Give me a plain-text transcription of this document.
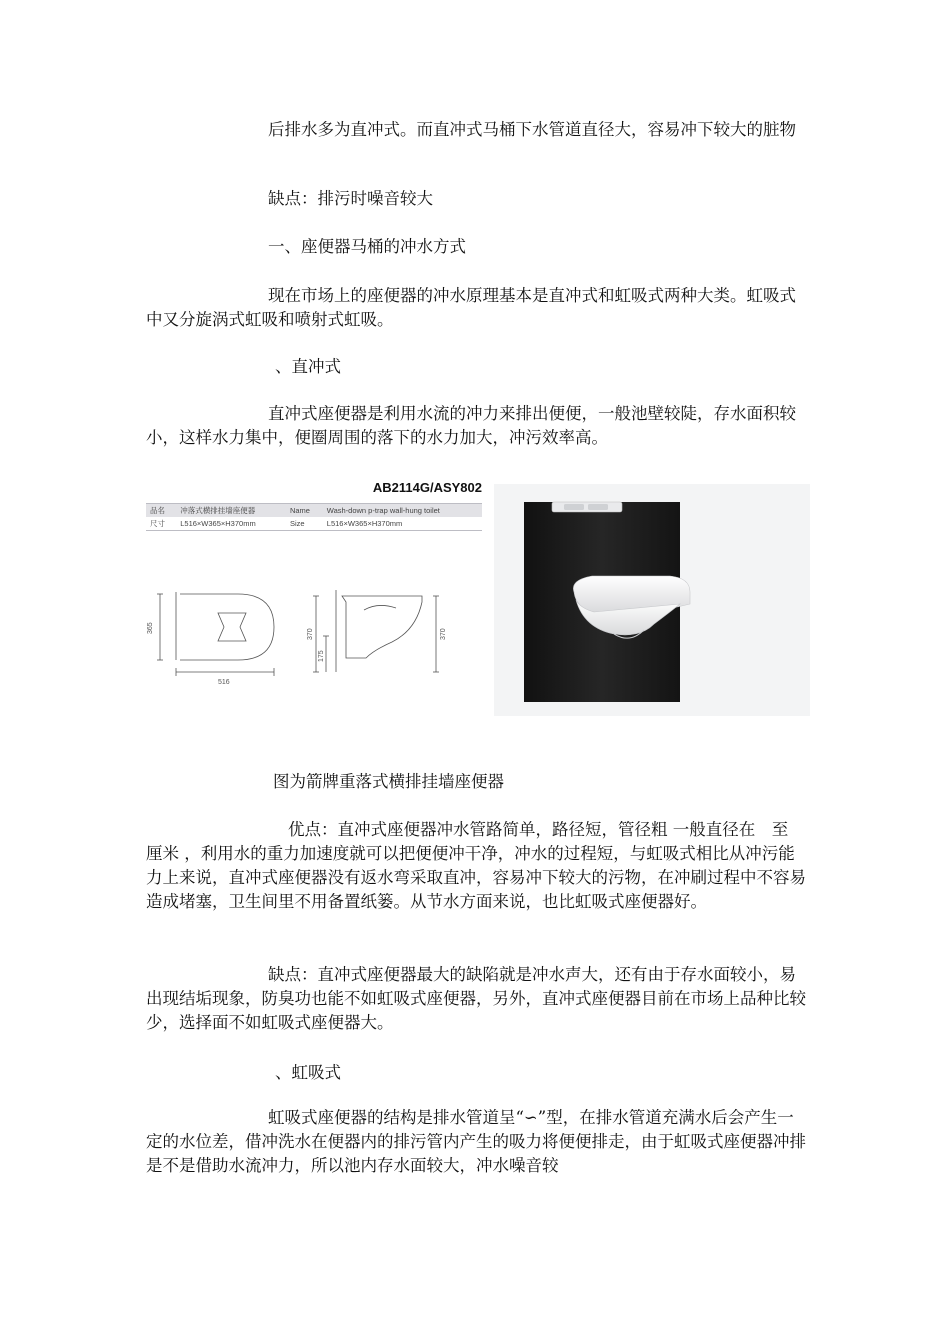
后排水多为直冲式。而直冲式马桶下水管道直径大，容易冲下较大的脏物

缺点：排污时噪音较大

一、座便器马桶的冲水方式

现在市场上的座便器的冲水原理基本是直冲式和虹吸式两种大类。虹吸式中又分旋涡式虹吸和喷射式虹吸。

、直冲式

直冲式座便器是利用水流的冲力来排出便便，一般池壁较陡，存水面积较小，这样水力集中，便圈周围的落下的水力加大，冲污效率高。

AB2114G/ASY802
品名	冲落式横排挂墙座便器	Name	Wash-down p-trap wall-hung toilet
尺寸	L516×W365×H370mm	Size	L516×W365×H370mm
365
516
370
175
370

图为箭牌重落式横排挂墙座便器

优点：直冲式座便器冲水管路简单，路径短，管径粗 一般直径在　至　 厘米 ，利用水的重力加速度就可以把便便冲干净，冲水的过程短，与虹吸式相比从冲污能力上来说，直冲式座便器没有返水弯采取直冲，容易冲下较大的污物，在冲刷过程中不容易造成堵塞，卫生间里不用备置纸篓。从节水方面来说，也比虹吸式座便器好。

缺点：直冲式座便器最大的缺陷就是冲水声大，还有由于存水面较小，易出现结垢现象，防臭功也能不如虹吸式座便器，另外，直冲式座便器目前在市场上品种比较少，选择面不如虹吸式座便器大。

、虹吸式

虹吸式座便器的结构是排水管道呈“∽”型，在排水管道充满水后会产生一定的水位差，借冲洗水在便器内的排污管内产生的吸力将便便排走，由于虹吸式座便器冲排是不是借助水流冲力，所以池内存水面较大，冲水噪音较
